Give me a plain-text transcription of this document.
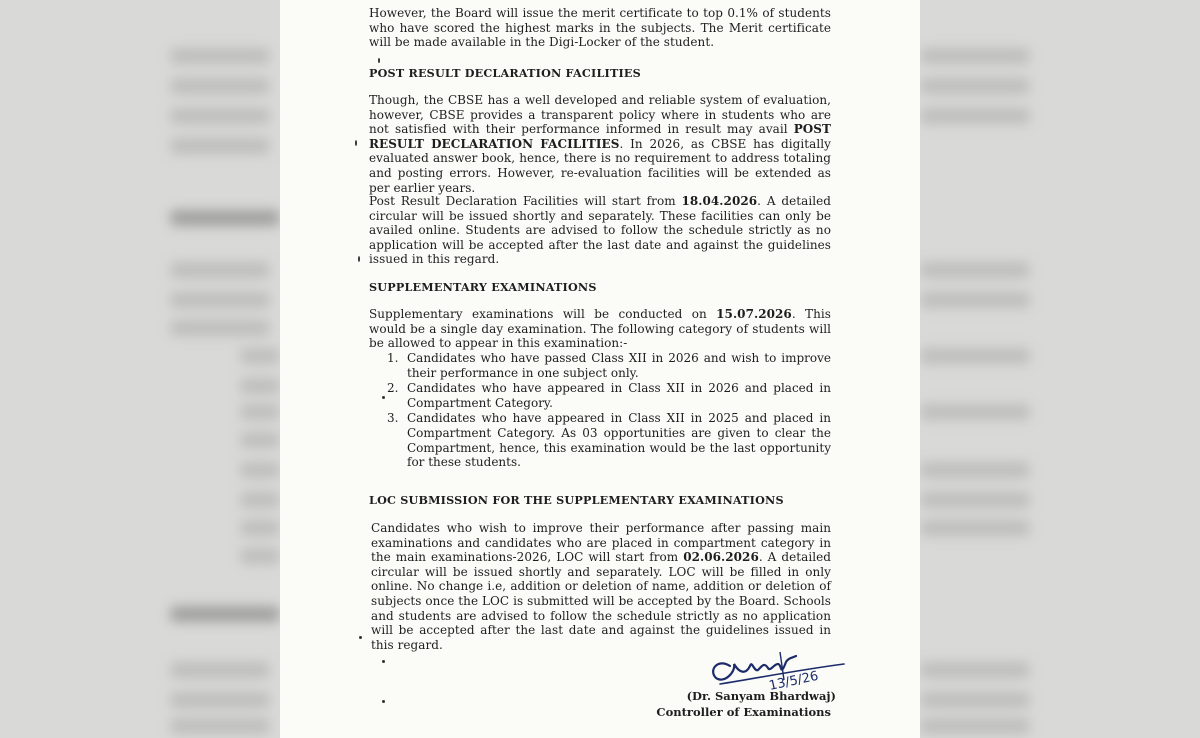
However, the Board will issue the merit certificate to top 0.1% of students who have scored the highest marks in the subjects. The Merit certificate will be made available in the Digi-Locker of the student.

POST RESULT DECLARATION FACILITIES

Though, the CBSE has a well developed and reliable system of evaluation, however, CBSE provides a transparent policy where in students who are not satisfied with their performance informed in result may avail POST RESULT DECLARATION FACILITIES. In 2026, as CBSE has digitally evaluated answer book, hence, there is no requirement to address totaling and posting errors. However, re-evaluation facilities will be extended as per earlier years.

Post Result Declaration Facilities will start from 18.04.2026. A detailed circular will be issued shortly and separately. These facilities can only be availed online. Students are advised to follow the schedule strictly as no application will be accepted after the last date and against the guidelines issued in this regard.

SUPPLEMENTARY EXAMINATIONS

Supplementary examinations will be conducted on 15.07.2026. This would be a single day examination. The following category of students will be allowed to appear in this examination:-

1. Candidates who have passed Class XII in 2026 and wish to improve their performance in one subject only.
2. Candidates who have appeared in Class XII in 2026 and placed in Compartment Category.
3. Candidates who have appeared in Class XII in 2025 and placed in Compartment Category. As 03 opportunities are given to clear the Compartment, hence, this examination would be the last opportunity for these students.
LOC SUBMISSION FOR THE SUPPLEMENTARY EXAMINATIONS

Candidates who wish to improve their performance after passing main examinations and candidates who are placed in compartment category in the main examinations-2026, LOC will start from 02.06.2026. A detailed circular will be issued shortly and separately. LOC will be filled in only online. No change i.e, addition or deletion of name, addition or deletion of subjects once the LOC is submitted will be accepted by the Board. Schools and students are advised to follow the schedule strictly as no application will be accepted after the last date and against the guidelines issued in this regard.

13/5/26
(Dr. Sanyam Bhardwaj)
Controller of Examinations
